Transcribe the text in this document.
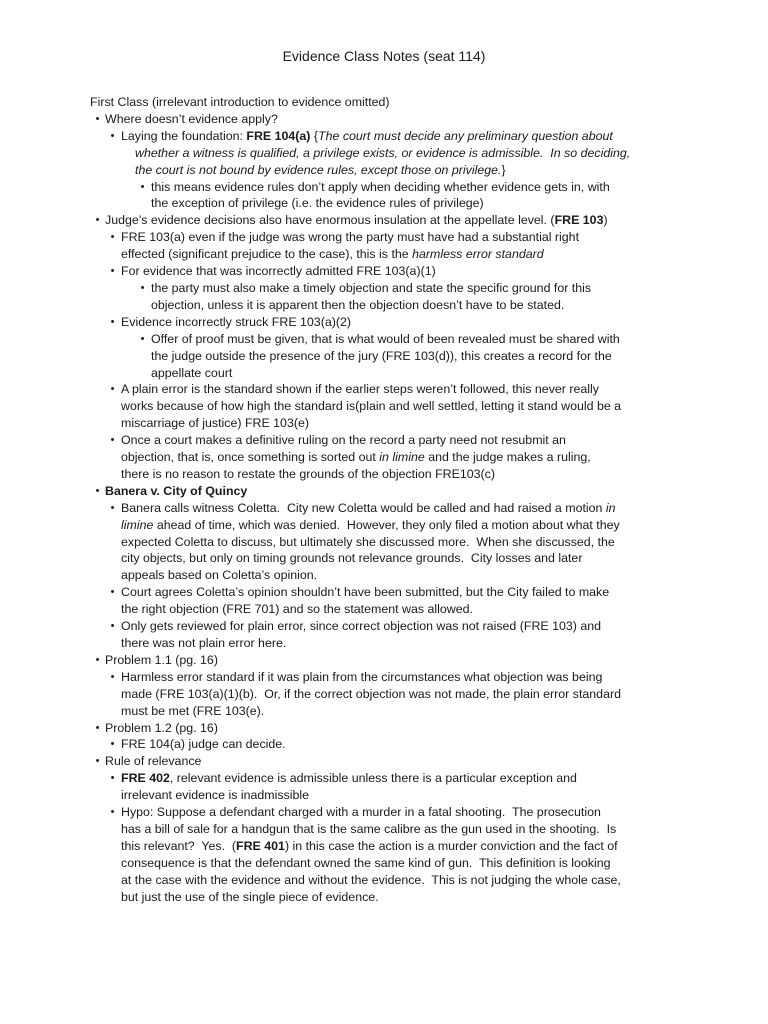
Evidence Class Notes (seat 114)
First Class (irrelevant introduction to evidence omitted)
• Where doesn’t evidence apply?
• Laying the foundation: FRE 104(a) {The court must decide any preliminary question about
whether a witness is qualified, a privilege exists, or evidence is admissible.  In so deciding,
the court is not bound by evidence rules, except those on privilege.}
• this means evidence rules don’t apply when deciding whether evidence gets in, with
the exception of privilege (i.e. the evidence rules of privilege)
• Judge’s evidence decisions also have enormous insulation at the appellate level. (FRE 103)
• FRE 103(a) even if the judge was wrong the party must have had a substantial right
effected (significant prejudice to the case), this is the harmless error standard
• For evidence that was incorrectly admitted FRE 103(a)(1)
• the party must also make a timely objection and state the specific ground for this
objection, unless it is apparent then the objection doesn’t have to be stated.
• Evidence incorrectly struck FRE 103(a)(2)
• Offer of proof must be given, that is what would of been revealed must be shared with
the judge outside the presence of the jury (FRE 103(d)), this creates a record for the
appellate court
• A plain error is the standard shown if the earlier steps weren’t followed, this never really
works because of how high the standard is(plain and well settled, letting it stand would be a
miscarriage of justice) FRE 103(e)
• Once a court makes a definitive ruling on the record a party need not resubmit an
objection, that is, once something is sorted out in limine and the judge makes a ruling,
there is no reason to restate the grounds of the objection FRE103(c)
• Banera v. City of Quincy
• Banera calls witness Coletta.  City new Coletta would be called and had raised a motion in
limine ahead of time, which was denied.  However, they only filed a motion about what they
expected Coletta to discuss, but ultimately she discussed more.  When she discussed, the
city objects, but only on timing grounds not relevance grounds.  City losses and later
appeals based on Coletta’s opinion.
• Court agrees Coletta’s opinion shouldn’t have been submitted, but the City failed to make
the right objection (FRE 701) and so the statement was allowed.
• Only gets reviewed for plain error, since correct objection was not raised (FRE 103) and
there was not plain error here.
• Problem 1.1 (pg. 16)
• Harmless error standard if it was plain from the circumstances what objection was being
made (FRE 103(a)(1)(b).  Or, if the correct objection was not made, the plain error standard
must be met (FRE 103(e).
• Problem 1.2 (pg. 16)
• FRE 104(a) judge can decide.
• Rule of relevance
• FRE 402, relevant evidence is admissible unless there is a particular exception and
irrelevant evidence is inadmissible
• Hypo: Suppose a defendant charged with a murder in a fatal shooting.  The prosecution
has a bill of sale for a handgun that is the same calibre as the gun used in the shooting.  Is
this relevant?  Yes.  (FRE 401) in this case the action is a murder conviction and the fact of
consequence is that the defendant owned the same kind of gun.  This definition is looking
at the case with the evidence and without the evidence.  This is not judging the whole case,
but just the use of the single piece of evidence.
